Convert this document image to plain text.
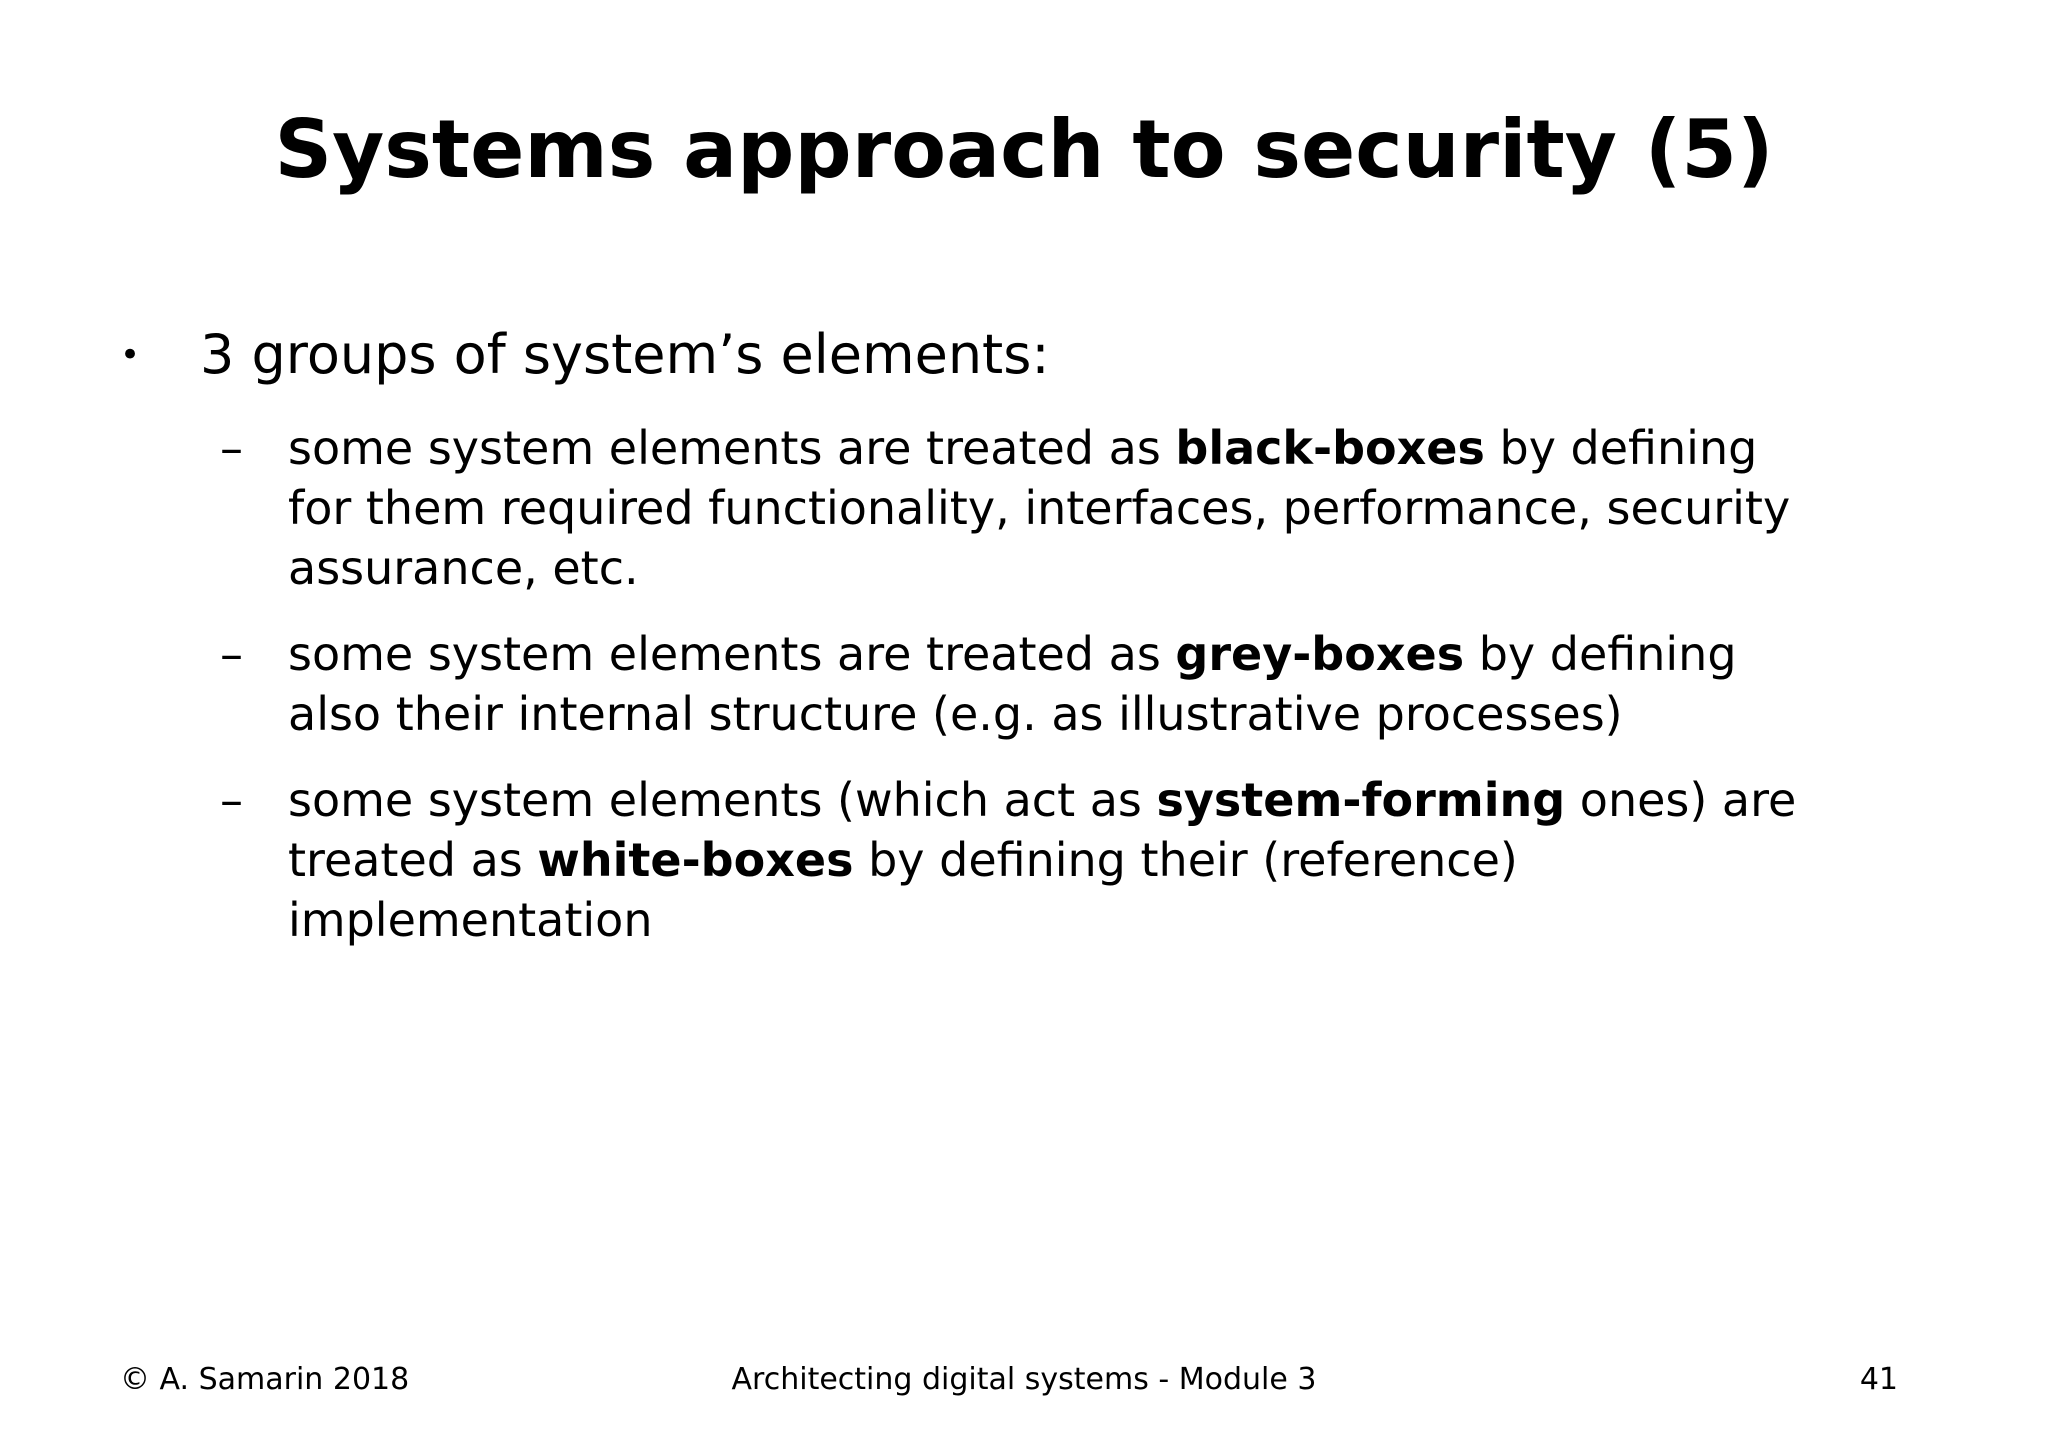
Systems approach to security (5)
•	3 groups of system’s elements:
– some system elements are treated as black-boxes by defining
for them required functionality, interfaces, performance, security
assurance, etc.
– some system elements are treated as grey-boxes by defining
also their internal structure (e.g. as illustrative processes)
– some system elements (which act as system-forming ones) are
treated as white-boxes by defining their (reference)
implementation
© A. Samarin 2018	Architecting digital systems - Module 3	41
